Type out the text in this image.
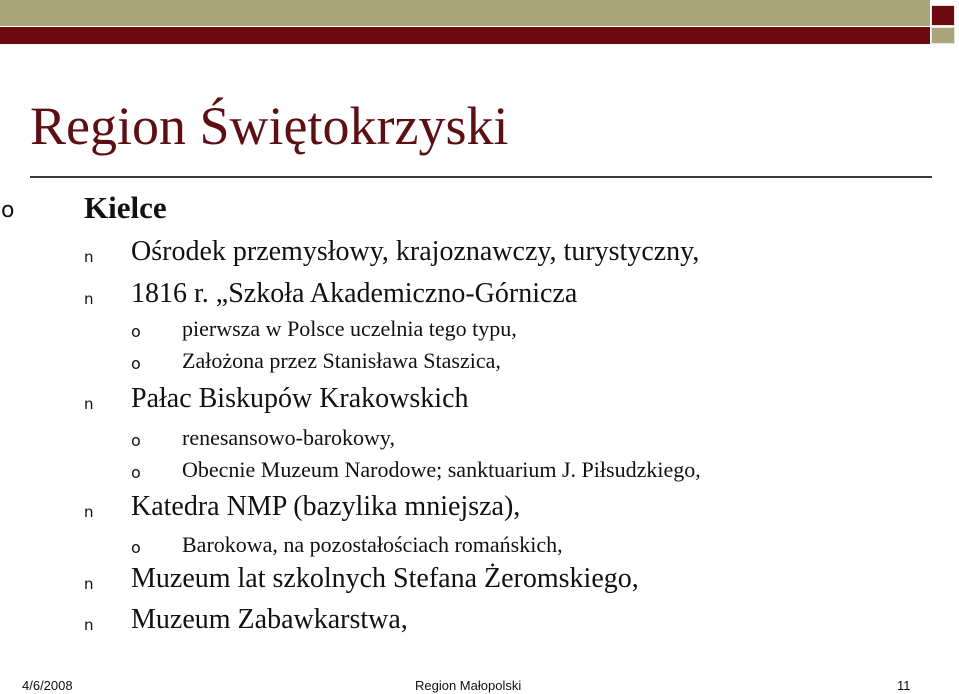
Region Świętokrzyski
o Kielce
n Ośrodek przemysłowy, krajoznawczy, turystyczny,
n 1816 r. „Szkoła Akademiczno-Górnicza
o pierwsza w Polsce uczelnia tego typu,
o Założona przez Stanisława Staszica,
n Pałac Biskupów Krakowskich
o renesansowo-barokowy,
o Obecnie Muzeum Narodowe; sanktuarium J. Piłsudzkiego,
n Katedra NMP (bazylika mniejsza),
o Barokowa, na pozostałościach romańskich,
n Muzeum lat szkolnych Stefana Żeromskiego,
n Muzeum Zabawkarstwa,
4/6/2008	Region Małopolski	11
